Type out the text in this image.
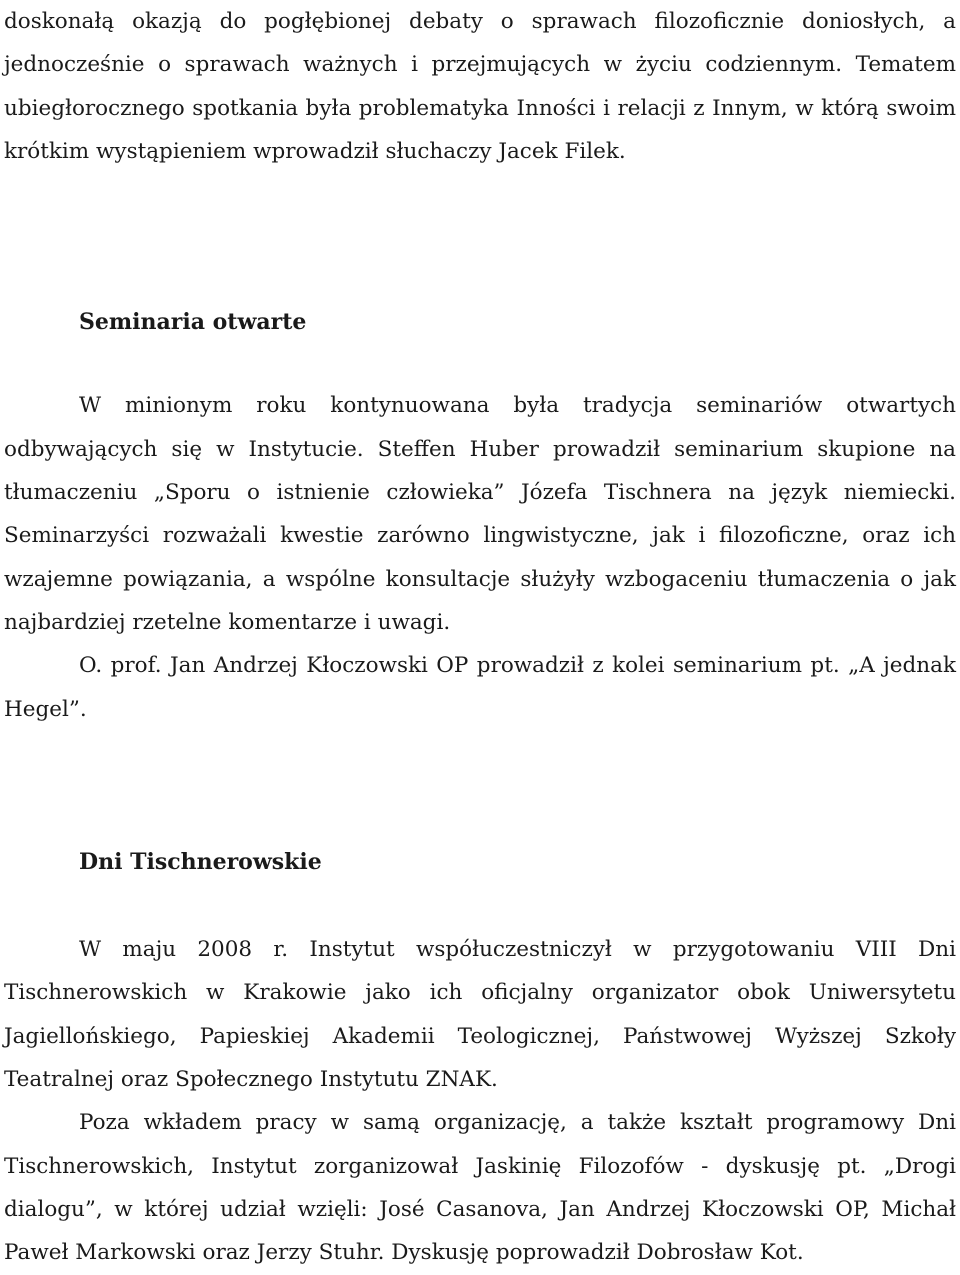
doskonałą okazją do pogłębionej debaty o sprawach filozoficznie doniosłych, a jednocześnie o sprawach ważnych i przejmujących w życiu codziennym. Tematem ubiegłorocznego spotkania była problematyka Inności i relacji z Innym, w którą swoim krótkim wystąpieniem wprowadził słuchaczy Jacek Filek.

Seminaria otwarte

W minionym roku kontynuowana była tradycja seminariów otwartych odbywających się w Instytucie. Steffen Huber prowadził seminarium skupione na tłumaczeniu „Sporu o istnienie człowieka” Józefa Tischnera na język niemiecki. Seminarzyści rozważali kwestie zarówno lingwistyczne, jak i filozoficzne, oraz ich wzajemne powiązania, a wspólne konsultacje służyły wzbogaceniu tłumaczenia o jak najbardziej rzetelne komentarze i uwagi.

O. prof. Jan Andrzej Kłoczowski OP prowadził z kolei seminarium pt. „A jednak Hegel”.

Dni Tischnerowskie

W maju 2008 r. Instytut współuczestniczył w przygotowaniu VIII Dni Tischnerowskich w Krakowie jako ich oficjalny organizator obok Uniwersytetu Jagiellońskiego, Papieskiej Akademii Teologicznej, Państwowej Wyższej Szkoły Teatralnej oraz Społecznego Instytutu ZNAK.

Poza wkładem pracy w samą organizację, a także kształt programowy Dni Tischnerowskich, Instytut zorganizował Jaskinię Filozofów - dyskusję pt. „Drogi dialogu”, w której udział wzięli: José Casanova, Jan Andrzej Kłoczowski OP, Michał Paweł Markowski oraz Jerzy Stuhr. Dyskusję poprowadził Dobrosław Kot.
